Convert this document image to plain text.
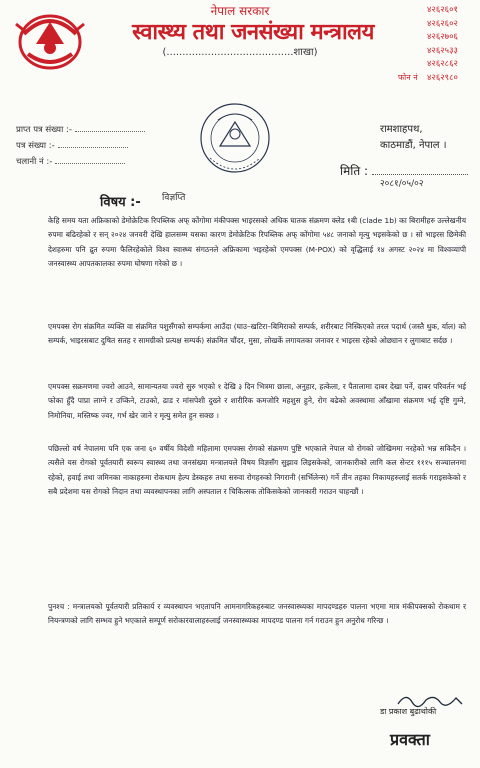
नेपाल सरकार
स्वास्थ्य तथा जनसंख्या मन्त्रालय
(........................................शाखा)
४२६२६०१
४२६२६०२
४२६२७०६
४२६२५३३
४२६२८६२
४२६२९८०
फोन नं
प्राप्त पत्र संख्या :-
पत्र संख्या :-
चलानी नं :-
रामशाहपथ,
काठमाडौं, नेपाल ।
मिति :
२०८१/०५/०२
विषय :- विज्ञप्ति

केहि समय यता अफ्रिकाको डेमोक्रेटिक रिपब्लिक अफ् कोंगोमा मंकीपक्स भाइरसको अधिक घातक संक्रमण क्लेड १बी (clade 1b) का बिरामीहरु उल्लेखनीय रुपमा बढिरहेको र सन् २०२४ जनवरी देखि हालसम्म यसका कारण डेमोक्रेटिक रिपब्लिक अफ् कोंगोमा ५४८ जनाको मृत्यु भइसकेको छ । सो भाइरस छिमेकी देशहरुमा पनि द्रुत रुपमा फैलिरहेकोले विश्व स्वास्थ्य संगठनले अफ्रिकामा भइरहेको एमपक्स (M-POX) को वृद्धिलाई १४ अगस्ट २०२४ मा विश्वव्यापी जनस्वास्थ्य आपतकालका रुपमा घोषणा गरेको छ ।

एमपक्स रोग संक्रमित व्यक्ति वा संक्रमित पशुसँगको सम्पर्कमा आउँदा (घाउ–खटिरा–बिमिराको सम्पर्क, शरीरबाट निस्किएको तरल पदार्थ (जस्तै थुक, र्याल) को सम्पर्क, भाइरसबाट दुषित सतह र सामग्रीको प्रत्यक्ष सम्पर्क) संक्रमित चौंदर, मुसा, लोखर्के लगायतका जनावर र भाइरस रहेको ओछ्यान र लुगाबाट सर्दछ ।

एमपक्स सक्रमणमा ज्वरो आउने, सामान्यतया ज्वरो सुरु भएको १ देखि ३ दिन भित्रमा छाला, अनुहार, हत्केला, र पैतालामा दाबर देखा पर्ने, दाबर परिवर्तन भई फोका हुँदै पाप्रा लाग्ने र उप्किने, टाउको, ढाड र मांसपेशी दुख्ने र शारीरिक कमजोरि महशुस हुने, रोग बढेको अवस्थामा आँखामा संक्रमण भई दृष्टि गुम्ने, निमोनिया, मस्तिष्क ज्वर, गर्भ खेर जाने र मृत्यु समेत हुन सक्छ ।

पछिल्लो वर्ष नेपालमा पनि एक जना ६० वर्षीय विदेशी महिलामा एमपक्स रोगको संक्रमण पुष्टि भएकाले नेपाल यो रोगको जोखिममा नरहेको भन्न सकिदैन । त्यसैले यस रोगको पूर्वतयारी स्वरूप स्वास्थ्य तथा जनसंख्या मन्त्रालयले विषय विज्ञसँग सुझाव लिइसकेको, जानकारीको लागि कल सेन्टर १११५ सञ्चालनमा रहेको, हवाई तथा जमिनका नाकाहरुमा रोकथाम हेल्प डेस्कहरु तथा सरुवा रोगहरुको निगरानी (सर्भिलेन्स) गर्ने तीन तहका निकायहरुलाई सतर्क गराइसकेको र सबै प्रदेशमा यस रोगको निदान तथा व्यवस्थापनका लागि अस्पताल र चिकित्सक तोकिसकेको जानकारी गराउन चाहन्छौं ।

पुनश्च : मन्त्रालयको पूर्वतयारी प्रतिकार्य र व्यवस्थापन भएतापनि आमनागरिकहरुबाट जनस्वास्थ्यका मापदण्डहरु पालना भएमा मात्र मंकीपक्सको रोकथाम र नियन्त्रणको लागि सम्भव हुने भएकाले सम्पूर्ण सरोकारवालाहरुलाई जनस्वास्थ्यका मापदण्ड पालना गर्न गराउन हुन अनुरोध गरिन्छ ।

डा प्रकाश बुढाथोकी
प्रवक्ता
